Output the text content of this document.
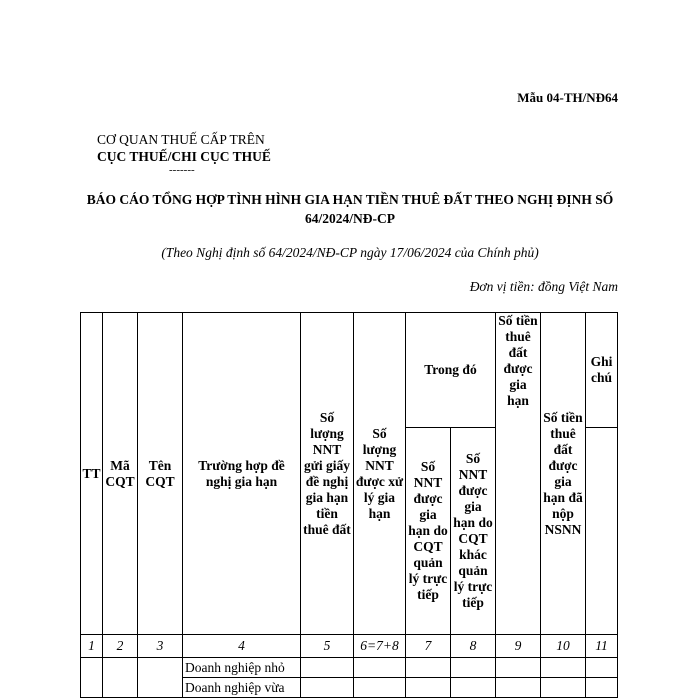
Mẫu 04-TH/NĐ64
CƠ QUAN THUẾ CẤP TRÊN
CỤC THUẾ/CHI CỤC THUẾ
-------
BÁO CÁO TỔNG HỢP TÌNH HÌNH GIA HẠN TIỀN THUÊ ĐẤT THEO NGHỊ ĐỊNH SỐ 64/2024/NĐ-CP
(Theo Nghị định số 64/2024/NĐ-CP ngày 17/06/2024 của Chính phủ)
Đơn vị tiền: đồng Việt Nam
TT	Mã CQT	Tên CQT	Trường hợp đề nghị gia hạn	Số lượng NNT gửi giấy đề nghị gia hạn tiền thuê đất	Số lượng NNT được xử lý gia hạn	Trong đó		Số tiền thuê đất được gia hạn	Số tiền thuê đất được gia hạn đã nộp NSNN	Ghi chú
						Số NNT được gia hạn do CQT quản lý trực tiếp	Số NNT được gia hạn do CQT khác quản lý trực tiếp			
1	2	3	4	5	6=7+8	7	8	9	10	11
			Doanh nghiệp nhỏ							
			Doanh nghiệp vừa							
